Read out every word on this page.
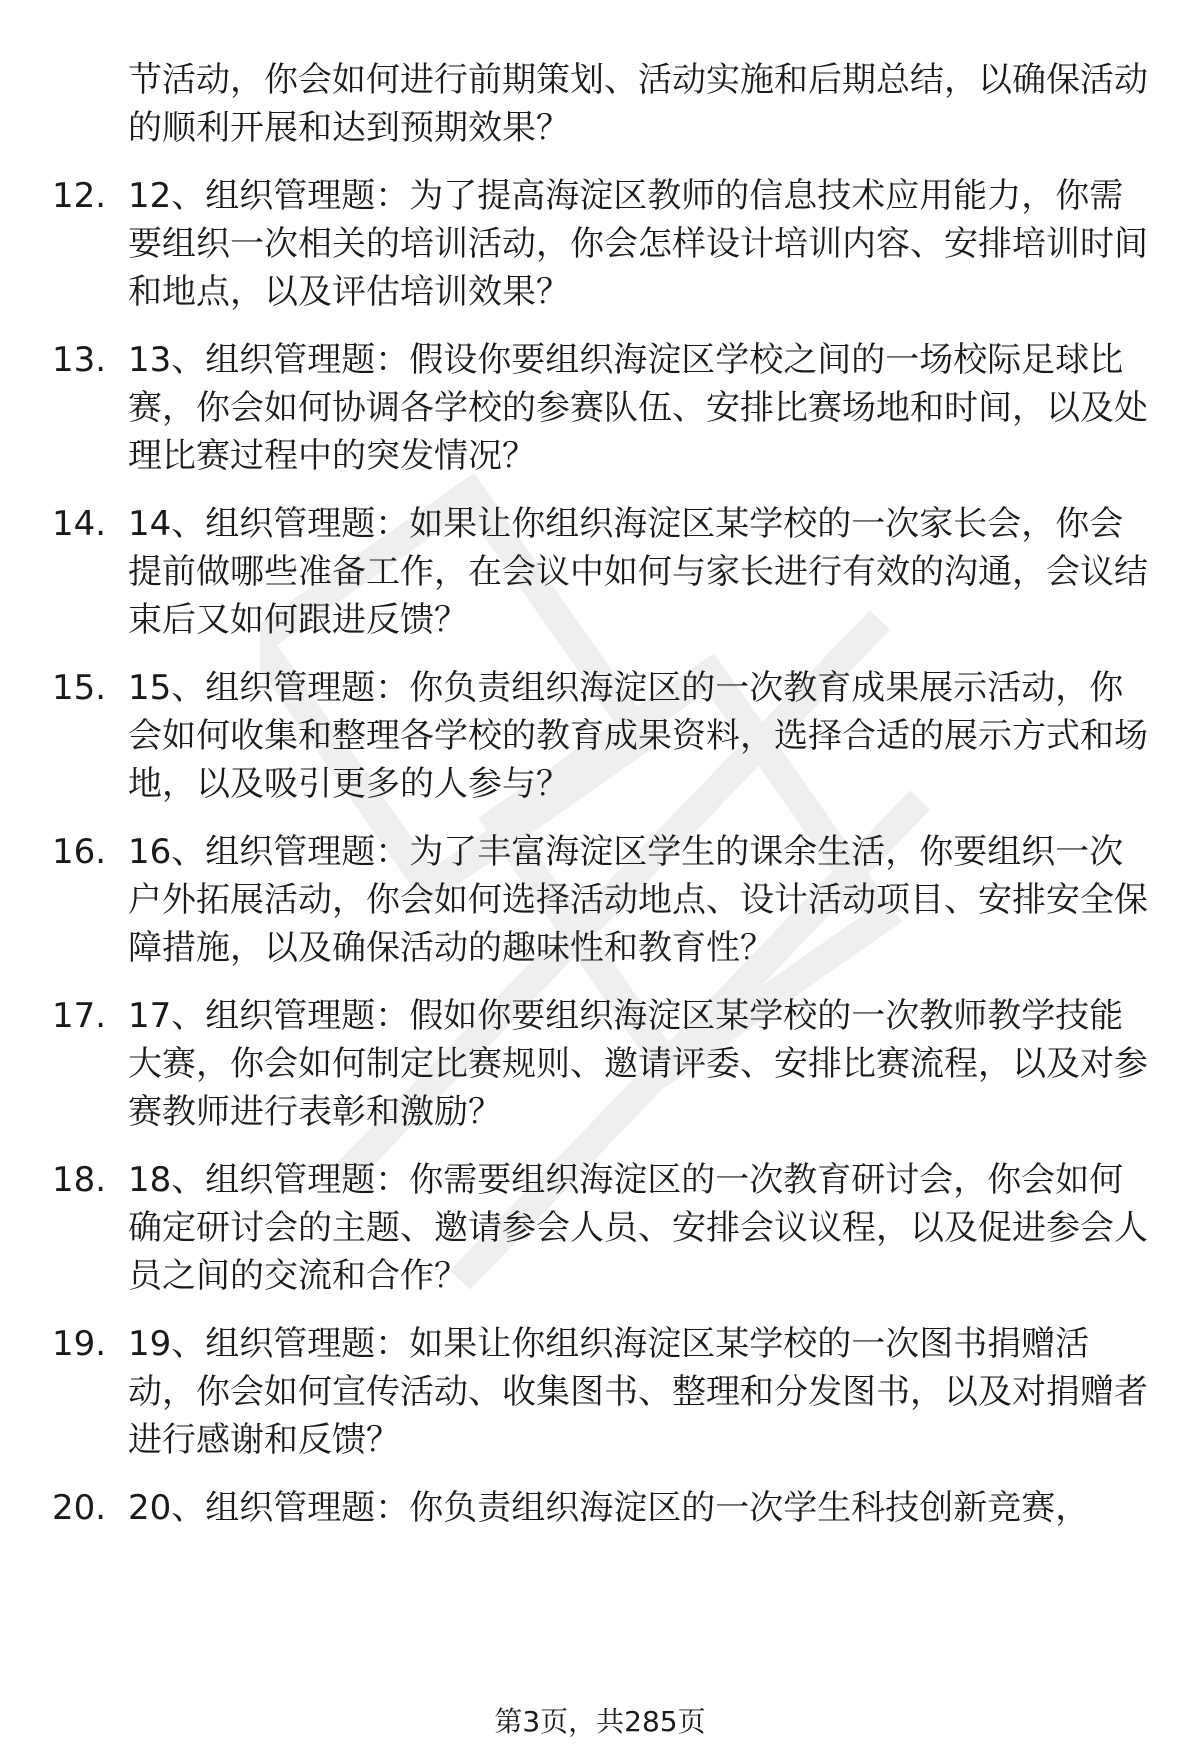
节活动，你会如何进行前期策划、活动实施和后期总结，以确保活动的顺利开展和达到预期效果？

12. 12、组织管理题：为了提高海淀区教师的信息技术应用能力，你需要组织一次相关的培训活动，你会怎样设计培训内容、安排培训时间和地点，以及评估培训效果？

13. 13、组织管理题：假设你要组织海淀区学校之间的一场校际足球比赛，你会如何协调各学校的参赛队伍、安排比赛场地和时间，以及处理比赛过程中的突发情况？

14. 14、组织管理题：如果让你组织海淀区某学校的一次家长会，你会提前做哪些准备工作，在会议中如何与家长进行有效的沟通，会议结束后又如何跟进反馈？

15. 15、组织管理题：你负责组织海淀区的一次教育成果展示活动，你会如何收集和整理各学校的教育成果资料，选择合适的展示方式和场地，以及吸引更多的人参与？

16. 16、组织管理题：为了丰富海淀区学生的课余生活，你要组织一次户外拓展活动，你会如何选择活动地点、设计活动项目、安排安全保障措施，以及确保活动的趣味性和教育性？

17. 17、组织管理题：假如你要组织海淀区某学校的一次教师教学技能大赛，你会如何制定比赛规则、邀请评委、安排比赛流程，以及对参赛教师进行表彰和激励？

18. 18、组织管理题：你需要组织海淀区的一次教育研讨会，你会如何确定研讨会的主题、邀请参会人员、安排会议议程，以及促进参会人员之间的交流和合作？

19. 19、组织管理题：如果让你组织海淀区某学校的一次图书捐赠活动，你会如何宣传活动、收集图书、整理和分发图书，以及对捐赠者进行感谢和反馈？

20. 20、组织管理题：你负责组织海淀区的一次学生科技创新竞赛，

第3页，共285页
